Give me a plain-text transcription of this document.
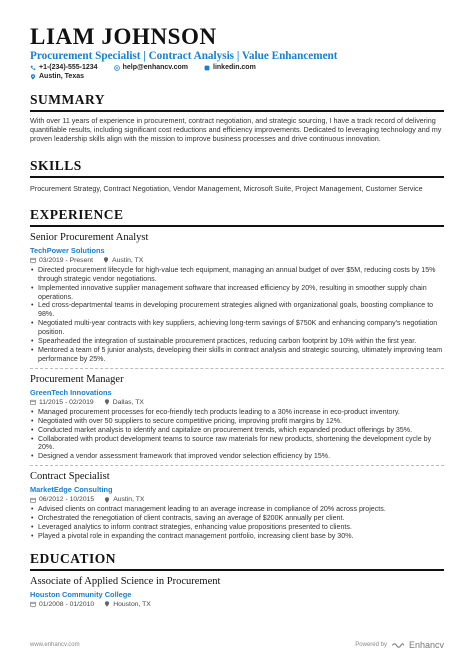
LIAM JOHNSON
Procurement Specialist | Contract Analysis | Value Enhancement
+1-(234)-555-1234	help@enhancv.com	linkedin.com
Austin, Texas
SUMMARY
With over 11 years of experience in procurement, contract negotiation, and strategic sourcing, I have a track record of delivering quantifiable results, including significant cost reductions and efficiency improvements. Dedicated to leveraging technology and my proven leadership skills align with the mission to improve business processes and drive continuous innovation.
SKILLS
Procurement Strategy, Contract Negotiation, Vendor Management, Microsoft Suite, Project Management, Customer Service
EXPERIENCE
Senior Procurement Analyst
TechPower Solutions
03/2019 - Present	Austin, TX
• Directed procurement lifecycle for high-value tech equipment, managing an annual budget of over $5M, reducing costs by 15% through strategic vendor negotiations.
• Implemented innovative supplier management software that increased efficiency by 20%, resulting in smoother supply chain operations.
• Led cross-departmental teams in developing procurement strategies aligned with organizational goals, boosting compliance to 98%.
• Negotiated multi-year contracts with key suppliers, achieving long-term savings of $750K and enhancing company's negotiation position.
• Spearheaded the integration of sustainable procurement practices, reducing carbon footprint by 10% within the first year.
• Mentored a team of 5 junior analysts, developing their skills in contract analysis and strategic sourcing, ultimately improving team performance by 25%.
Procurement Manager
GreenTech Innovations
11/2015 - 02/2019	Dallas, TX
• Managed procurement processes for eco-friendly tech products leading to a 30% increase in eco-product inventory.
• Negotiated with over 50 suppliers to secure competitive pricing, improving profit margins by 12%.
• Conducted market analysis to identify and capitalize on procurement trends, which expanded product offerings by 35%.
• Collaborated with product development teams to source raw materials for new products, shortening the development cycle by 20%.
• Designed a vendor assessment framework that improved vendor selection efficiency by 15%.
Contract Specialist
MarketEdge Consulting
06/2012 - 10/2015	Austin, TX
• Advised clients on contract management leading to an average increase in compliance of 20% across projects.
• Orchestrated the renegotiation of client contracts, saving an average of $200K annually per client.
• Leveraged analytics to inform contract strategies, enhancing value propositions presented to clients.
• Played a pivotal role in expanding the contract management portfolio, increasing client base by 30%.
EDUCATION
Associate of Applied Science in Procurement
Houston Community College
01/2008 - 01/2010	Houston, TX
www.enhancv.com	Powered by Enhancv
